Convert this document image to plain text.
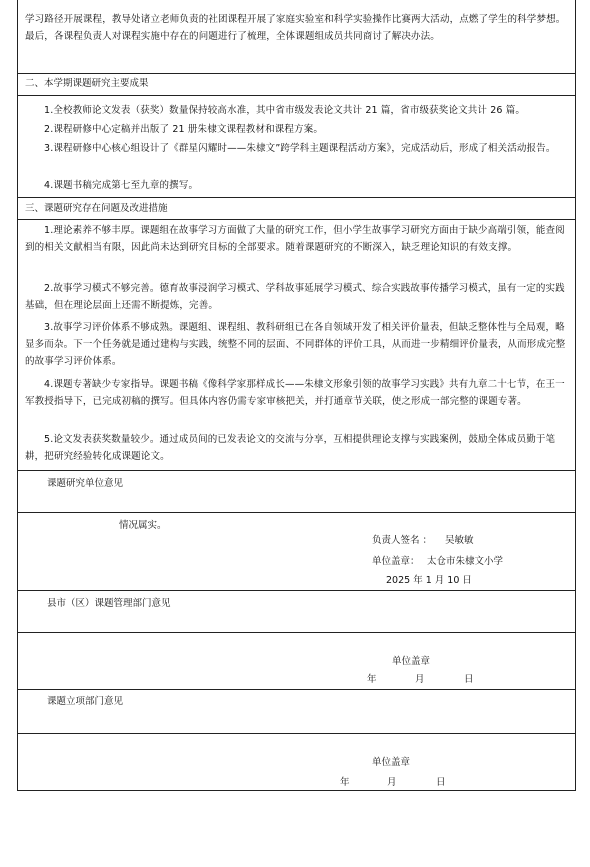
学习路径开展课程，教导处诸立老师负责的社团课程开展了家庭实验室和科学实验操作比赛两大活动，点燃了学生的科学梦想。最后，各课程负责人对课程实施中存在的问题进行了梳理，全体课题组成员共同商讨了解决办法。

二、本学期课题研究主要成果

1.全校教师论文发表（获奖）数量保持较高水准，其中省市级发表论文共计 21 篇，省市级获奖论文共计 26 篇。

2.课程研修中心定稿并出版了 21 册朱棣文课程教材和课程方案。

3.课程研修中心核心组设计了《群星闪耀时——朱棣文”跨学科主题课程活动方案》，完成活动后，形成了相关活动报告。

4.课题书稿完成第七至九章的撰写。

三、课题研究存在问题及改进措施

1.理论素养不够丰厚。课题组在故事学习方面做了大量的研究工作，但小学生故事学习研究方面由于缺少高端引领，能查阅到的相关文献相当有限，因此尚未达到研究目标的全部要求。随着课题研究的不断深入，缺乏理论知识的有效支撑。

2.故事学习模式不够完善。德育故事浸润学习模式、学科故事延展学习模式、综合实践故事传播学习模式，虽有一定的实践基础，但在理论层面上还需不断提炼，完善。

3.故事学习评价体系不够成熟。课题组、课程组、教科研组已在各自领域开发了相关评价量表，但缺乏整体性与全局观，略显多而杂。下一个任务就是通过建构与实践，统整不同的层面、不同群体的评价工具，从而进一步精细评价量表，从而形成完整的故事学习评价体系。

4.课题专著缺少专家指导。课题书稿《像科学家那样成长——朱棣文形象引领的故事学习实践》共有九章二十七节，在王一军教授指导下，已完成初稿的撰写。但具体内容仍需专家审核把关，并打通章节关联，使之形成一部完整的课题专著。

5.论文发表获奖数量较少。通过成员间的已发表论文的交流与分享，互相提供理论支撑与实践案例，鼓励全体成员勤于笔耕，把研究经验转化成课题论文。

课题研究单位意见
情况属实。
负责人签名 ： 吴敏敏
单位盖章： 太仓市朱棣文小学
2025 年 1 月 10 日
县市（区）课题管理部门意见
单位盖章
年	月	日
课题立项部门意见
单位盖章
年	月	日
